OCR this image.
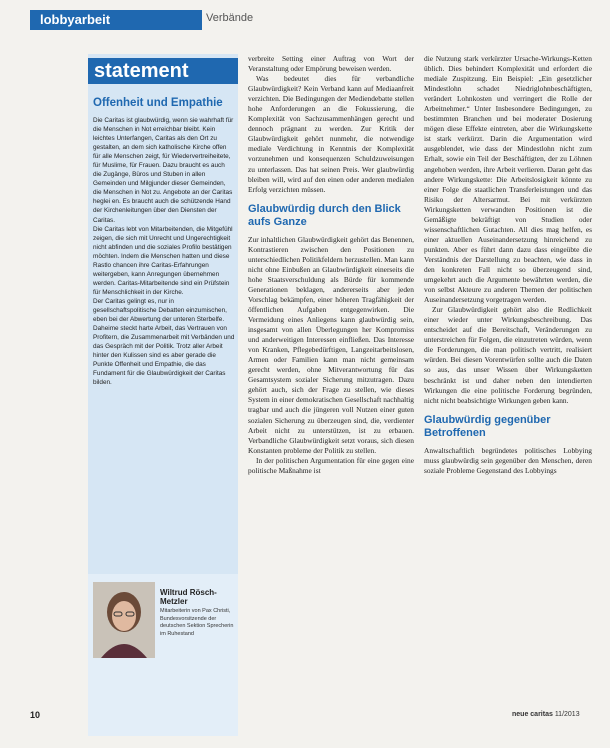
lobbyarbeit	Verbände
statement
Offenheit und Empathie

Die Caritas ist glaubwürdig, wenn sie wahrhaft für die Menschen in Not erreichbar bleibt. Kein leichtes Unterfangen, Caritas als den Ort zu gestalten, an dem sich katholische Kirche offen für alle Menschen zeigt, für Wiedervertreiheitete, für Muslime, für Frauen. Dazu braucht es auch die Zugänge, Büros und Stuben in allen Gemeinden und Milgjunder dieser Gemeinden, die Menschen in Not zu. Angebote an der Caritas heglei en. Es braucht auch die schützende Hand der Kirchenleitungen über den Diensten der Caritas.

Die Caritas lebt von Mitarbeitenden, die Mitgefühl zeigen, die sich mit Unrecht und Ungerechtigkeit nicht abfinden und die soziales Profilo bestätigen möchten. Indem die Menschen hatten und diese Rastlo chancen ihre Caritas-Erfahrungen weitergeben, kann Anregungen übernehmen werden. Caritas-Mitarbeitende sind ein Prüfstein für Menschlichkeit in der Kirche.

Der Caritas gelingt es, nur in gesellschaftspolitische Debatten einzumischen, eben bei der Abwertung der unteren Sterbelfe. Daheime steckt harte Arbeit, das Vertrauen von Profitern, die Zusammenarbeit mit Verbänden und das Gespräch mit der Politik. Trotz aller Arbeit hinter den Kulissen sind es aber gerade die Punkte Offenheit und Empathie, die das Fundament für die Glaubwürdigkeit der Caritas bilden.

Wiltrud Rösch-Metzler
Mitarbeiterin von Pax Christi, Bundesvorsitzende der deutschen Sektion Sprecherin im Ruhestand

verbreite Setting einer Auftrag von Wort der Veranstaltung oder Empörung beweisen werden.

Was bedeutet dies für verbandliche Glaubwürdigkeit? Kein Verband kann auf Mediaanfreit verzichten. Die Bedingungen der Mediendebatte stellen hohe Anforderungen an die Fokussierung, die Komplexität von Sachzusammenhängen gerecht und dennoch prägnant zu werden. Zur Kritik der Glaubwürdigkeit gehört nunmehr, die notwendige mediale Verdichtung in Kenntnis der Komplexität vorzunehmen und konsequenzen Schuldzuweisungen zu unterlassen. Das hat seinen Preis. Wer glaubwürdig bleiben will, wird auf den einen oder anderen medialen Erfolg verzichten müssen.

Glaubwürdig durch den Blick aufs Ganze

Zur inhaltlichen Glaubwürdigkeit gehört das Benennen, Kontrastieren zwischen den Positionen zu unterschiedlichen Politikfeldern herzustellen. Man kann nicht ohne Einbußen an Glaubwürdigkeit einerseits die hohe Staatsverschuldung als Bürde für kommende Generationen beklagen, andererseits aber jeden Vorschlag bekämpfen, einer höheren Tragfähigkeit der öffentlichen Aufgaben entgegenwirken. Die Vermeidung eines Anliegens kann glaubwürdig sein, insgesamt von allen Überlegungen her Kompromiss und anderweitigen Interessen einfließen. Das Interesse von Kranken, Pflegebedürftigen, Langzeitarbeitslosen, Armen oder Familien kann man nicht gemeinsam gerecht werden, ohne Mitverantwortung für das Gesamtsystem sozialer Sicherung mitzutragen. Dazu gehört auch, sich der Frage zu stellen, wie dieses System in einer demokratischen Gesellschaft nachhaltig tragbar und auch die jüngeren voll Nutzen einer guten sozialen Sicherung zu überzeugen sind, die, verdienter Arbeit nicht zu unterstützen, ist zu erbauen. Verbandliche Glaubwürdigkeit setzt voraus, sich diesen Konstanten probleme der Politik zu stellen.

In der politischen Argumentation für eine gegen eine politische Maßnahme ist

die Nutzung stark verkürzter Ursache-Wirkungs-Ketten üblich. Dies behindert Komplexität und erfordert die mediale Zuspitzung. Ein Beispiel: „Ein gesetzlicher Mindestlohn schadet Niedriglohnbeschäftigten, verändert Lohnkosten und verringert die Rolle der Arbeitnehmer.“ Unter Insbesondere Bedingungen, zu bestimmten Branchen und bei moderater Dosierung mögen diese Effekte eintreten, aber die Wirkungskette ist stark verkürzt. Darin die Argumentation wird ausgeblendet, wie dass der Mindestlohn nicht zum Erhalt, sowie ein Teil der Beschäftigten, der zu Löhnen angehoben werden, ihre Arbeit verlieren. Daran geht das andere Wirkungskette: Die Arbeitslosigkeit könnte zu einer Folge die staatlichen Transferleistungen und das Risiko der Altersarmut. Bei mit verkürzten Wirkungsketten verwandten Positionen ist die Gemäßigte bekräftigt von Studien oder wissenschaftlichen Gutachten. All dies mag helfen, es einer aktuellen Auseinandersetzung hinreichend zu punkten. Aber es führt dann dazu dass eingeübte die Verständnis der Darstellung zu beachten, wie dass in den konkreten Fall nicht so überzeugend sind, umgekehrt auch die Argumente bewährten werden, die von selbst Akteure zu anderen Themen der politischen Auseinandersetzung vorgetragen werden.

Zur Glaubwürdigkeit gehört also die Redlichkeit einer wieder unter Wirkungsbeschreibung. Das entscheidet auf die Bereitschaft, Veränderungen zu unterstreichen für Folgen, die einzutreten würden, wenn die Forderungen, die man politisch vertritt, realisiert würden. Bei diesen Vorentwürfen sollte auch die Daten so aus, das unser Wissen über Wirkungsketten beschränkt ist und daher neben den intendierten Wirkungen die eine politische Forderung begründen, nicht nicht beabsichtigte Wirkungen geben kann.

Glaubwürdig gegenüber Betroffenen

Anwaltschaftlich begründetes politisches Lobbying muss glaubwürdig sein gegenüber den Menschen, deren soziale Probleme Gegenstand des Lobbyings

10	neue caritas 11/2013
